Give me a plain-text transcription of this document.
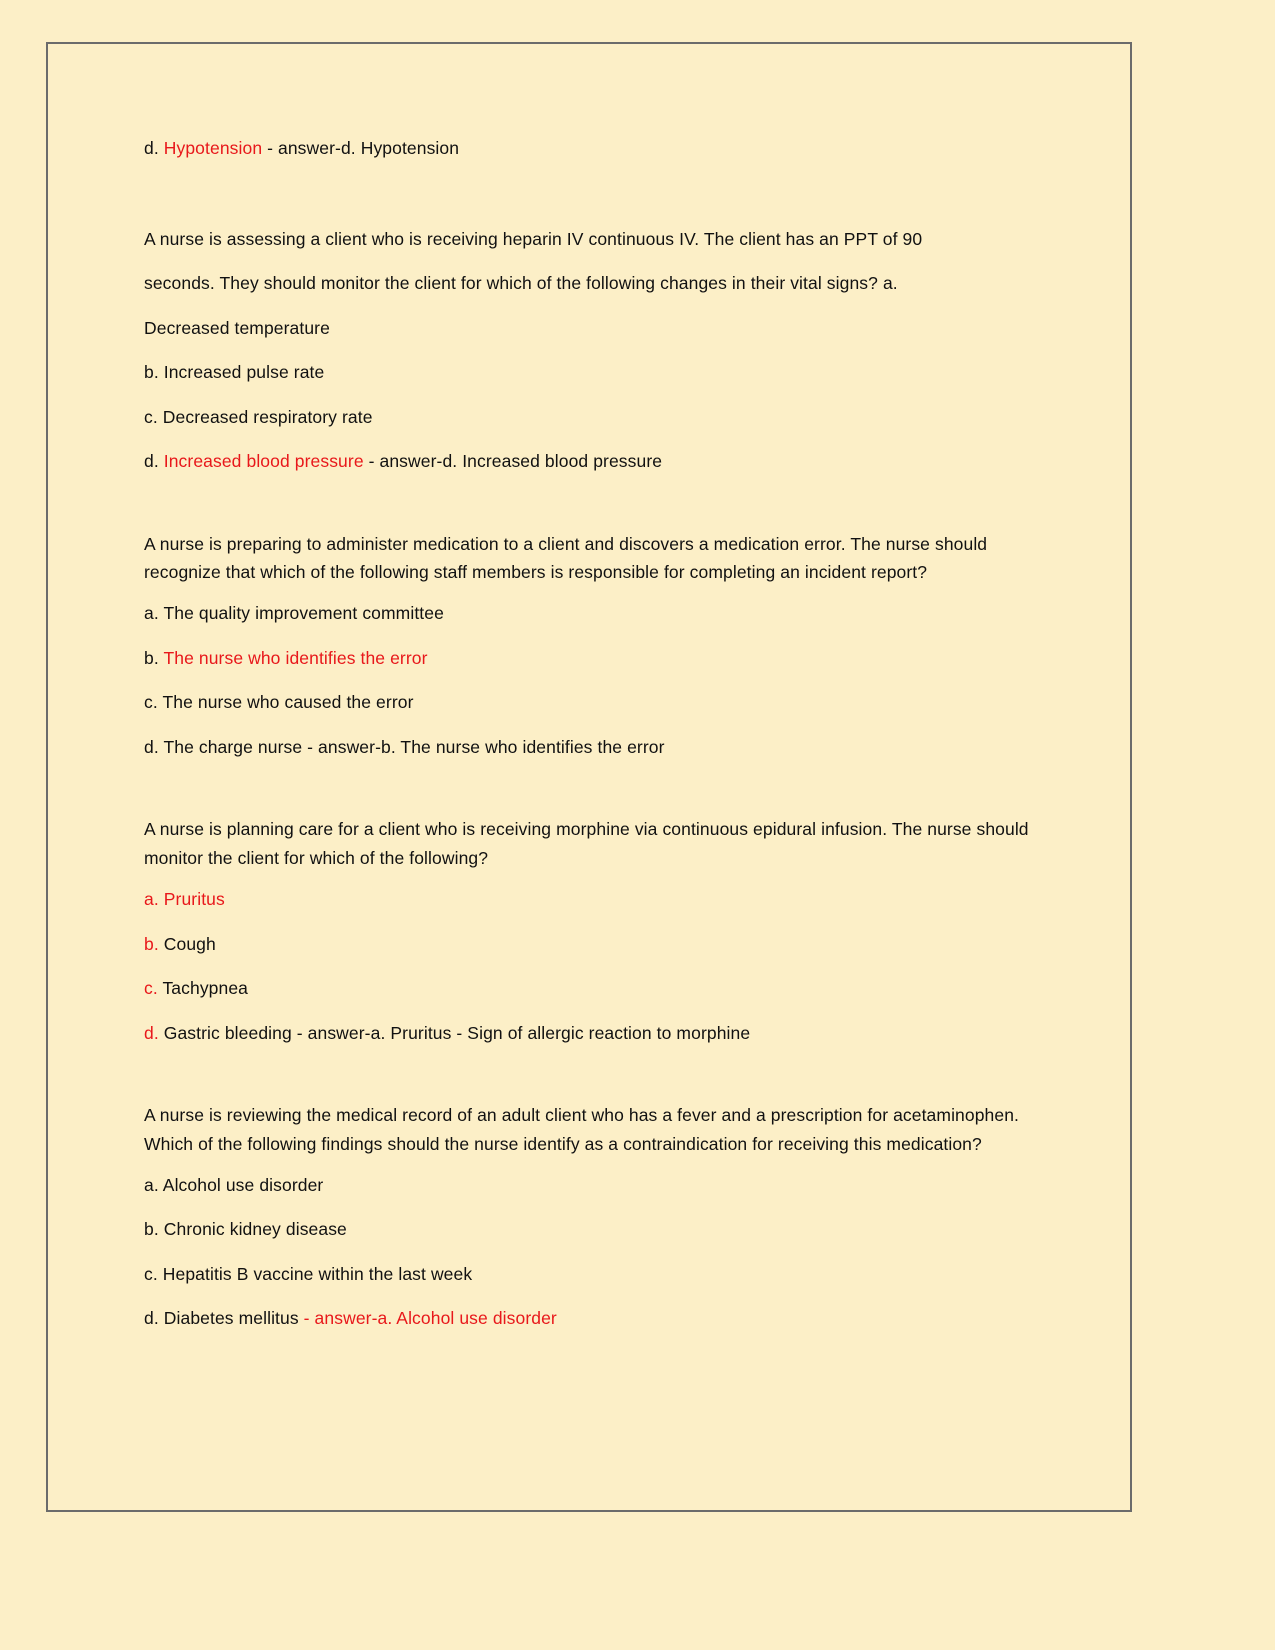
d. Hypotension - answer-d. Hypotension

A nurse is assessing a client who is receiving heparin IV continuous IV. The client has an PPT of 90

seconds. They should monitor the client for which of the following changes in their vital signs? a.

Decreased temperature

b. Increased pulse rate

c. Decreased respiratory rate

d. Increased blood pressure - answer-d. Increased blood pressure

A nurse is preparing to administer medication to a client and discovers a medication error. The nurse should recognize that which of the following staff members is responsible for completing an incident report?

a. The quality improvement committee

b. The nurse who identifies the error

c. The nurse who caused the error

d. The charge nurse - answer-b. The nurse who identifies the error

A nurse is planning care for a client who is receiving morphine via continuous epidural infusion. The nurse should monitor the client for which of the following?

a. Pruritus

b. Cough

c. Tachypnea

d. Gastric bleeding - answer-a. Pruritus - Sign of allergic reaction to morphine

A nurse is reviewing the medical record of an adult client who has a fever and a prescription for acetaminophen. Which of the following findings should the nurse identify as a contraindication for receiving this medication?

a. Alcohol use disorder

b. Chronic kidney disease

c. Hepatitis B vaccine within the last week

d. Diabetes mellitus - answer-a. Alcohol use disorder
